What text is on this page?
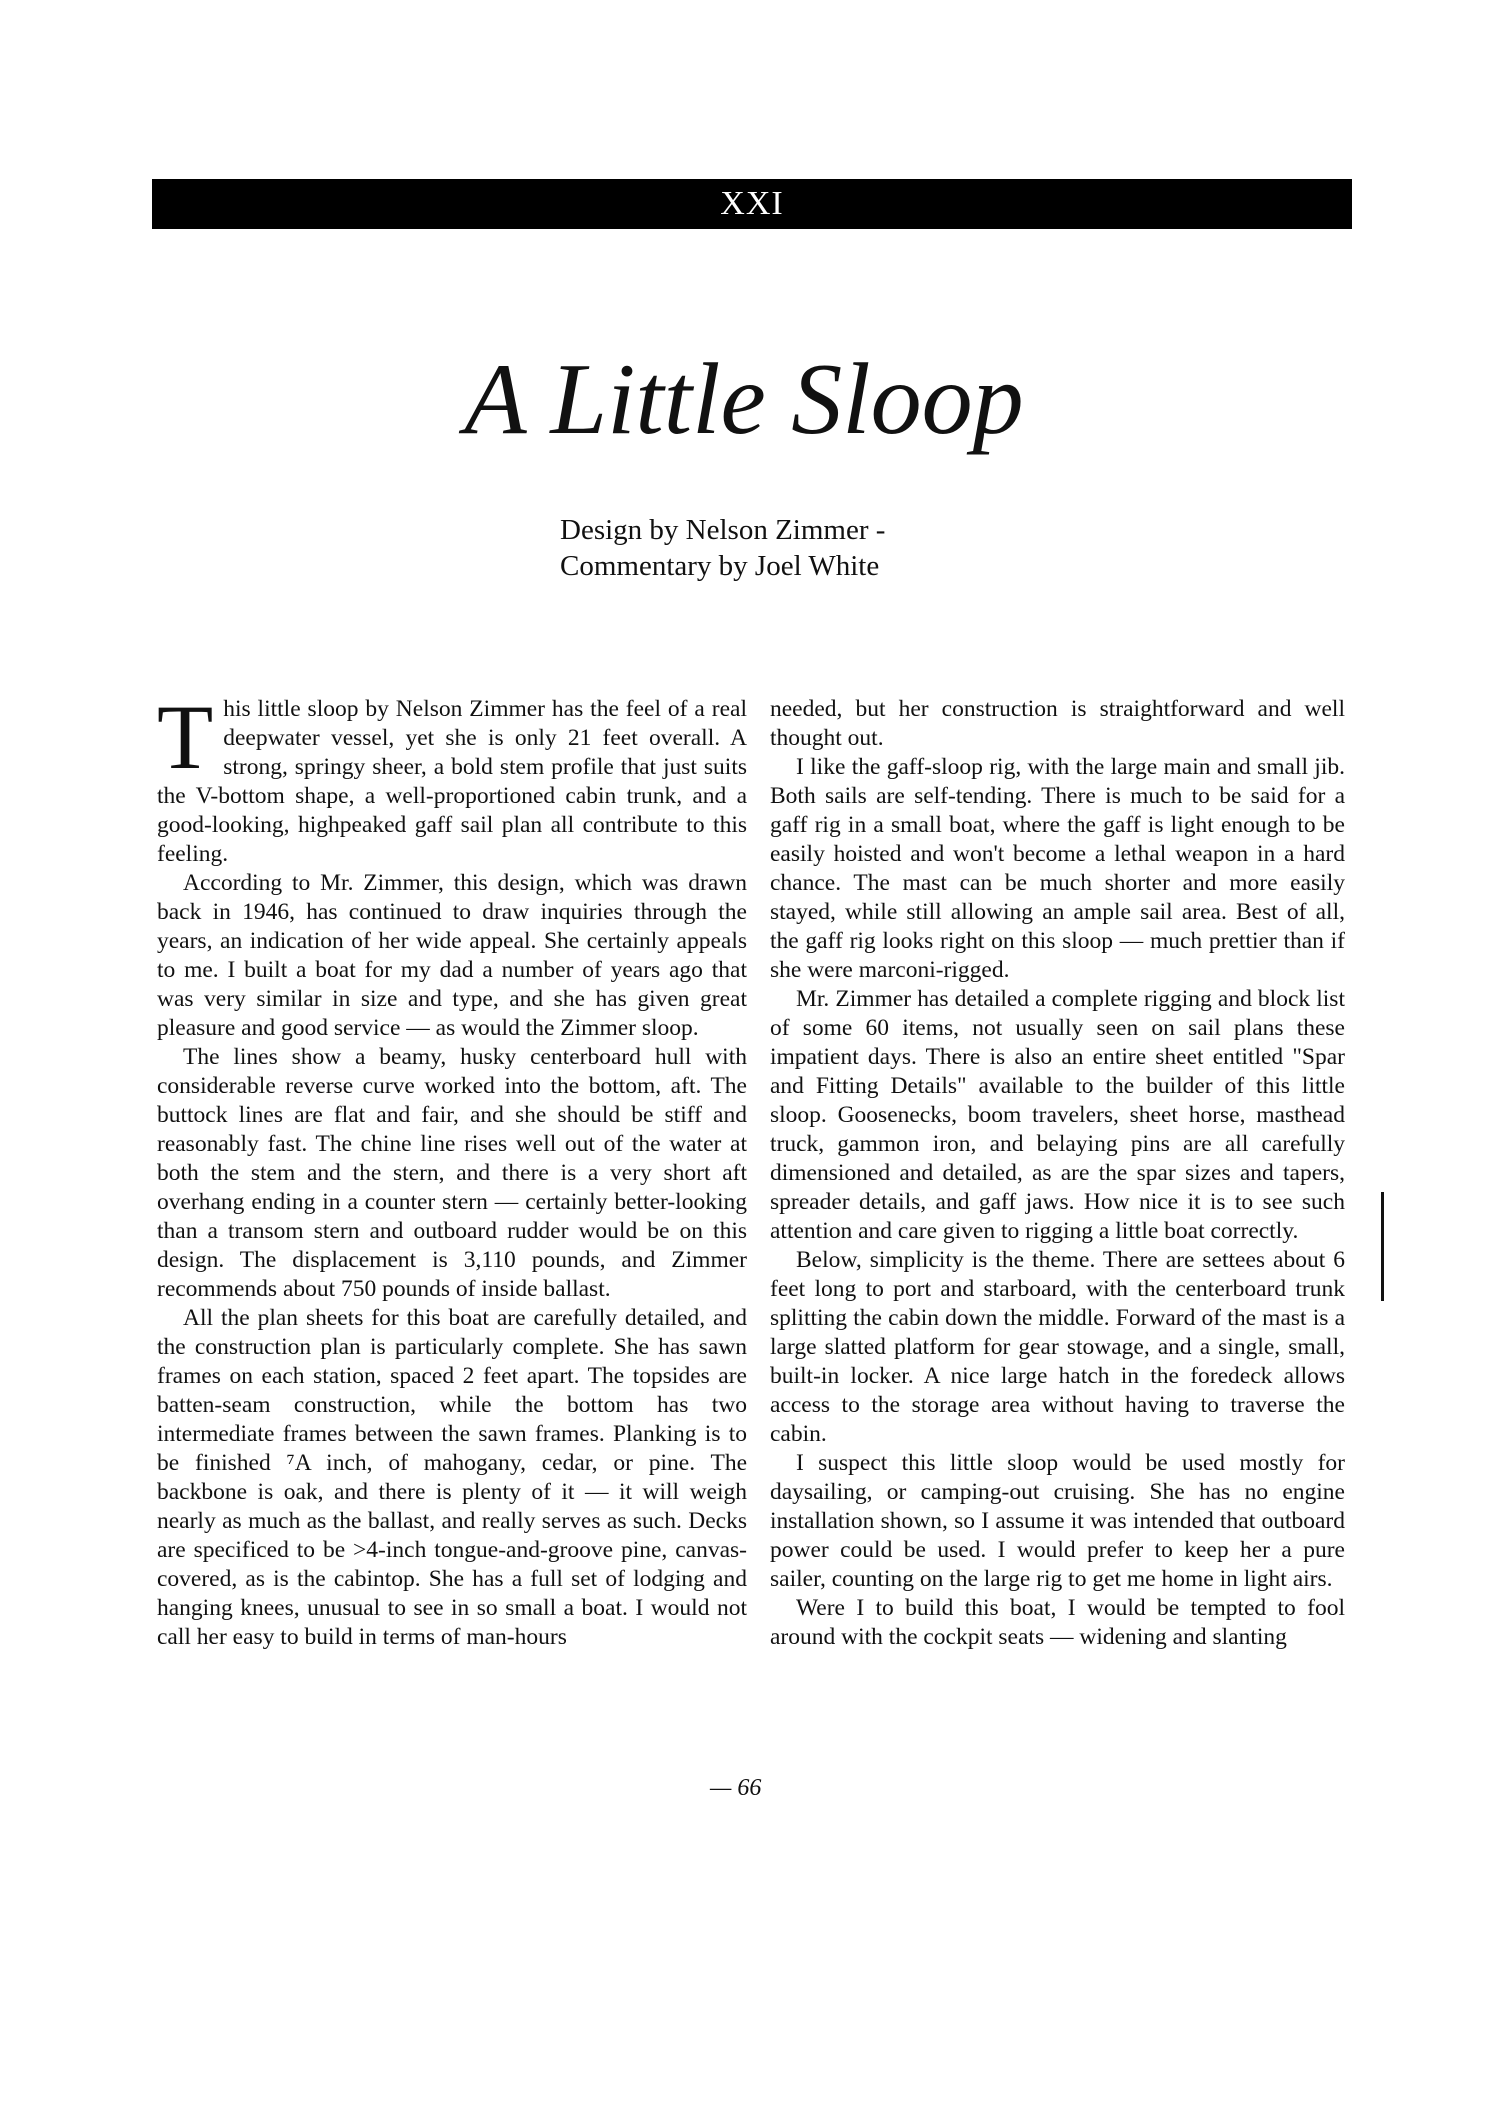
XXI
A Little Sloop
Design by Nelson Zimmer -
Commentary by Joel White

This little sloop by Nelson Zimmer has the feel of a real deepwater vessel, yet she is only 21 feet overall. A strong, springy sheer, a bold stem profile that just suits the V-bottom shape, a well-proportioned cabin trunk, and a good-looking, highpeaked gaff sail plan all contribute to this feeling.

According to Mr. Zimmer, this design, which was drawn back in 1946, has continued to draw inquiries through the years, an indication of her wide appeal. She certainly appeals to me. I built a boat for my dad a number of years ago that was very similar in size and type, and she has given great pleasure and good service — as would the Zimmer sloop.

The lines show a beamy, husky centerboard hull with considerable reverse curve worked into the bottom, aft. The buttock lines are flat and fair, and she should be stiff and reasonably fast. The chine line rises well out of the water at both the stem and the stern, and there is a very short aft overhang ending in a counter stern — certainly better-looking than a transom stern and outboard rudder would be on this design. The displacement is 3,110 pounds, and Zimmer recommends about 750 pounds of inside ballast.

All the plan sheets for this boat are carefully detailed, and the construction plan is particularly complete. She has sawn frames on each station, spaced 2 feet apart. The topsides are batten-seam construction, while the bottom has two intermediate frames between the sawn frames. Planking is to be finished ⁷A inch, of mahogany, cedar, or pine. The backbone is oak, and there is plenty of it — it will weigh nearly as much as the ballast, and really serves as such. Decks are specificed to be >4-inch tongue-and-groove pine, canvas-covered, as is the cabintop. She has a full set of lodging and hanging knees, unusual to see in so small a boat. I would not call her easy to build in terms of man-hours

needed, but her construction is straightforward and well thought out.

I like the gaff-sloop rig, with the large main and small jib. Both sails are self-tending. There is much to be said for a gaff rig in a small boat, where the gaff is light enough to be easily hoisted and won't become a lethal weapon in a hard chance. The mast can be much shorter and more easily stayed, while still allowing an ample sail area. Best of all, the gaff rig looks right on this sloop — much prettier than if she were marconi-rigged.

Mr. Zimmer has detailed a complete rigging and block list of some 60 items, not usually seen on sail plans these impatient days. There is also an entire sheet entitled "Spar and Fitting Details" available to the builder of this little sloop. Goosenecks, boom travelers, sheet horse, masthead truck, gammon iron, and belaying pins are all carefully dimensioned and detailed, as are the spar sizes and tapers, spreader details, and gaff jaws. How nice it is to see such attention and care given to rigging a little boat correctly.

Below, simplicity is the theme. There are settees about 6 feet long to port and starboard, with the centerboard trunk splitting the cabin down the middle. Forward of the mast is a large slatted platform for gear stowage, and a single, small, built-in locker. A nice large hatch in the foredeck allows access to the storage area without having to traverse the cabin.

I suspect this little sloop would be used mostly for daysailing, or camping-out cruising. She has no engine installation shown, so I assume it was intended that outboard power could be used. I would prefer to keep her a pure sailer, counting on the large rig to get me home in light airs.

Were I to build this boat, I would be tempted to fool around with the cockpit seats — widening and slanting

— 66
